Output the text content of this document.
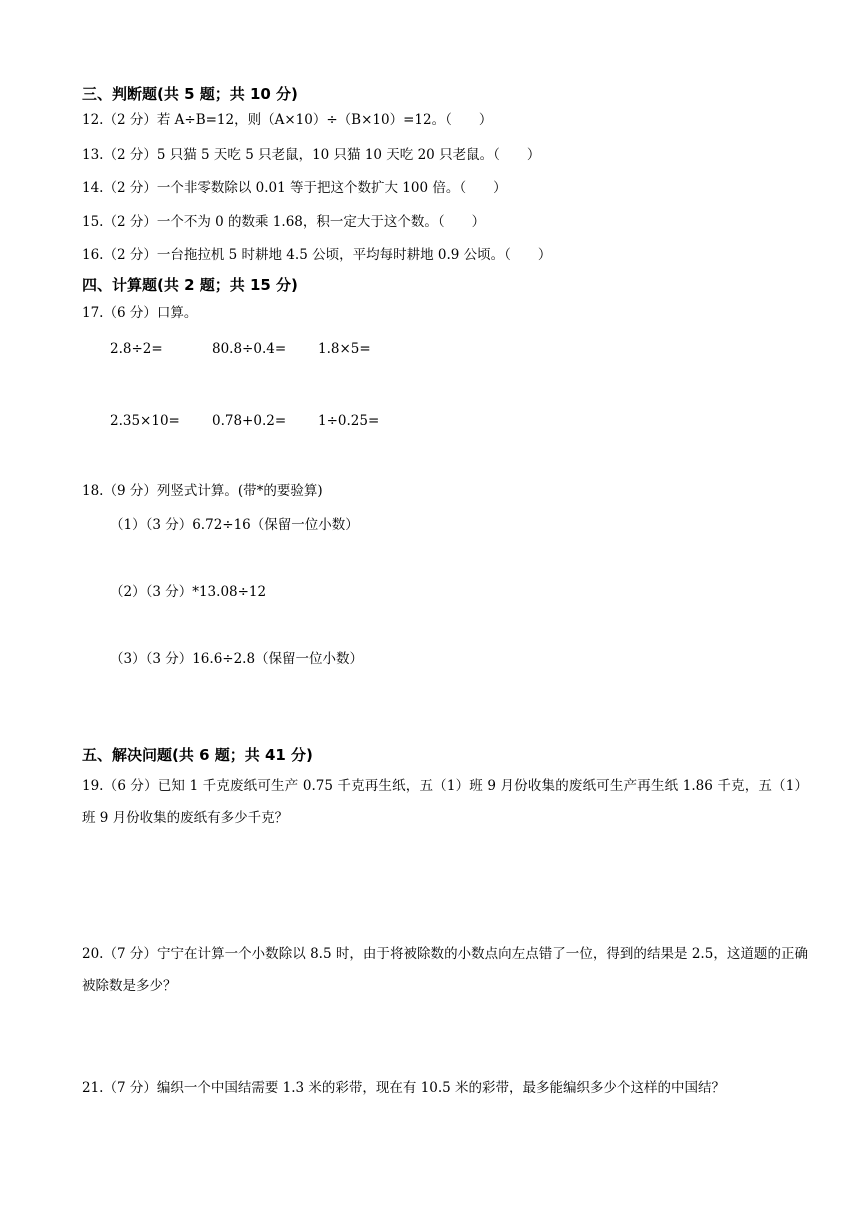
三、判断题(共 5 题；共 10 分)
12.（2 分）若 A÷B=12，则（A×10）÷（B×10）=12。（　　）
13.（2 分）5 只猫 5 天吃 5 只老鼠，10 只猫 10 天吃 20 只老鼠。（　　）
14.（2 分）一个非零数除以 0.01 等于把这个数扩大 100 倍。（　　）
15.（2 分）一个不为 0 的数乘 1.68，积一定大于这个数。（　　）
16.（2 分）一台拖拉机 5 时耕地 4.5 公顷，平均每时耕地 0.9 公顷。（　　）
四、计算题(共 2 题；共 15 分)
17.（6 分）口算。
2.8÷2=	80.8÷0.4= 1.8×5=
2.35×10= 0.78+0.2= 1÷0.25=
18.（9 分）列竖式计算。(带*的要验算)
（1）（3 分）6.72÷16（保留一位小数）
（2）（3 分）*13.08÷12
（3）（3 分）16.6÷2.8（保留一位小数）
五、解决问题(共 6 题；共 41 分)
19.（6 分）已知 1 千克废纸可生产 0.75 千克再生纸，五（1）班 9 月份收集的废纸可生产再生纸 1.86 千克，五（1）班 9 月份收集的废纸有多少千克？
20.（7 分）宁宁在计算一个小数除以 8.5 时，由于将被除数的小数点向左点错了一位，得到的结果是 2.5，这道题的正确被除数是多少？
21.（7 分）编织一个中国结需要 1.3 米的彩带，现在有 10.5 米的彩带，最多能编织多少个这样的中国结？
